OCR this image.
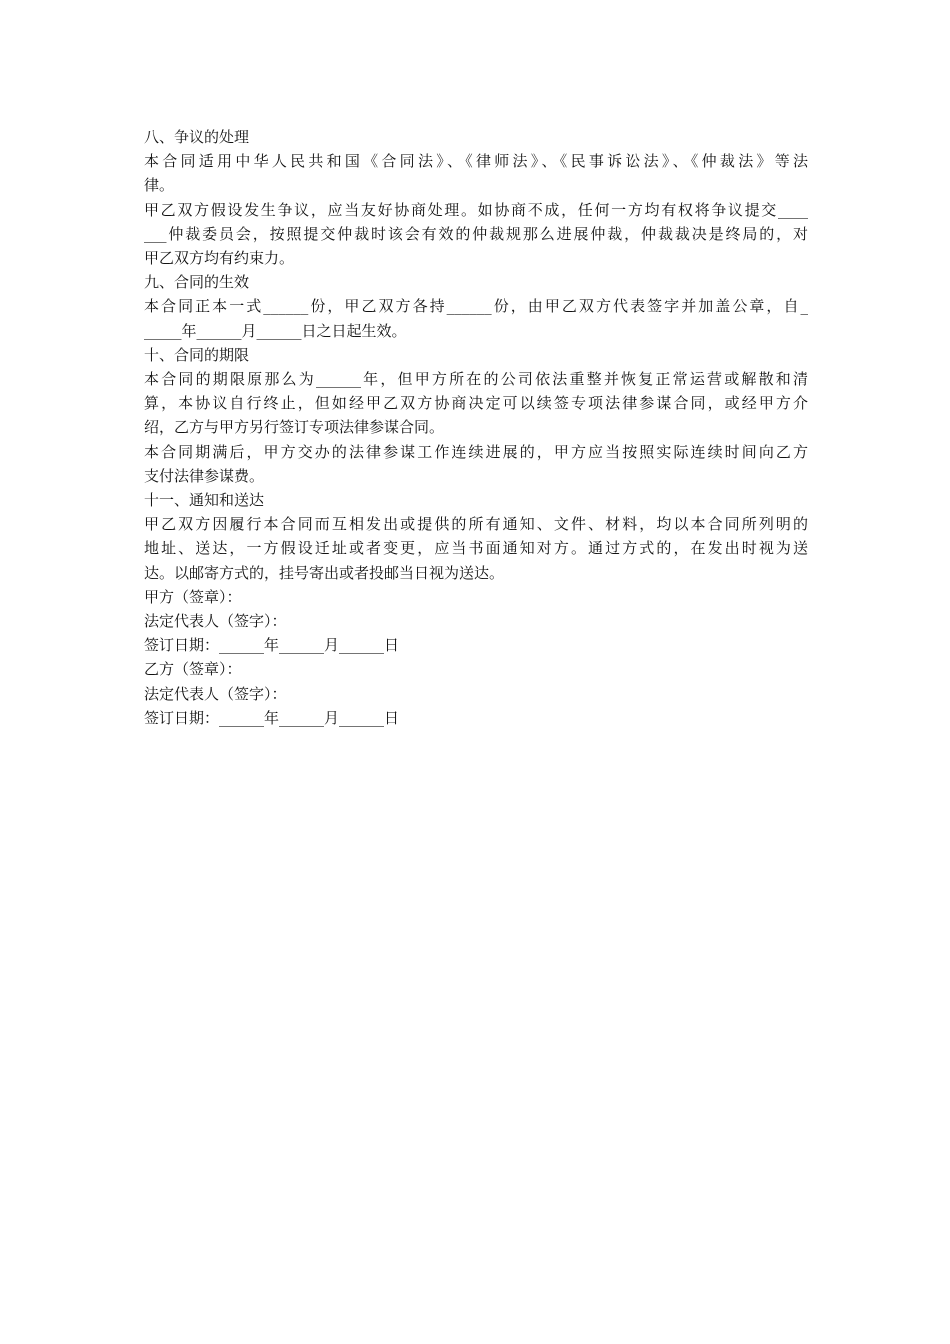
八、争议的处理
本合同适用中华人民共和国《合同法》、《律师法》、《民事诉讼法》、《仲裁法》等法
律。
甲乙双方假设发生争议，应当友好协商处理。如协商不成，任何一方均有权将争议提交____
___仲裁委员会，按照提交仲裁时该会有效的仲裁规那么进展仲裁，仲裁裁决是终局的，对
甲乙双方均有约束力。
九、合同的生效
本合同正本一式______份，甲乙双方各持______份，由甲乙双方代表签字并加盖公章，自_
_____年______月______日之日起生效。
十、合同的期限
本合同的期限原那么为______年，但甲方所在的公司依法重整并恢复正常运营或解散和清
算，本协议自行终止，但如经甲乙双方协商决定可以续签专项法律参谋合同，或经甲方介
绍，乙方与甲方另行签订专项法律参谋合同。
本合同期满后，甲方交办的法律参谋工作连续进展的，甲方应当按照实际连续时间向乙方
支付法律参谋费。
十一、通知和送达
甲乙双方因履行本合同而互相发出或提供的所有通知、文件、材料，均以本合同所列明的
地址、送达，一方假设迁址或者变更，应当书面通知对方。通过方式的，在发出时视为送
达。以邮寄方式的，挂号寄出或者投邮当日视为送达。
甲方（签章）：
法定代表人（签字）：
签订日期：______年______月______日
乙方（签章）：
法定代表人（签字）：
签订日期：______年______月______日
